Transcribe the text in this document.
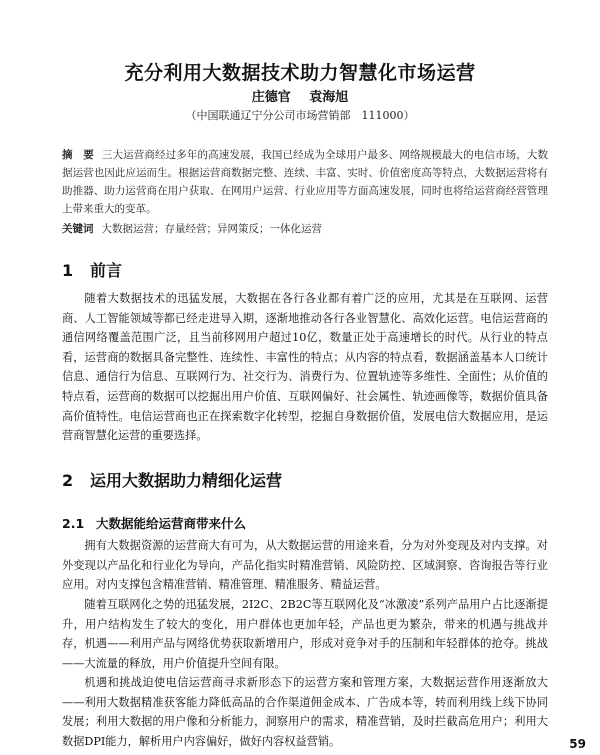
充分利用大数据技术助力智慧化市场运营
庄德官 袁海旭
（中国联通辽宁分公司市场营销部　111000）
摘　要 三大运营商经过多年的高速发展，我国已经成为全球用户最多、网络规模最大的电信市场，大数据运营也因此应运而生。根据运营商数据完整、连续、丰富、实时、价值密度高等特点，大数据运营将有助推器、助力运营商在用户获取、在网用户运营、行业应用等方面高速发展，同时也将给运营商经营管理上带来重大的变革。
关键词 大数据运营；存量经营；异网策反；一体化运营
1 前言

随着大数据技术的迅猛发展，大数据在各行各业都有着广泛的应用，尤其是在互联网、运营商、人工智能领域等都已经走进导入期，逐渐地推动各行各业智慧化、高效化运营。电信运营商的通信网络覆盖范围广泛，且当前移网用户超过10亿，数量正处于高速增长的时代。从行业的特点看，运营商的数据具备完整性、连续性、丰富性的特点；从内容的特点看，数据涵盖基本人口统计信息、通信行为信息、互联网行为、社交行为、消费行为、位置轨迹等多维性、全面性；从价值的特点看，运营商的数据可以挖掘出用户价值、互联网偏好、社会属性、轨迹画像等，数据价值具备高价值特性。电信运营商也正在探索数字化转型，挖掘自身数据价值，发展电信大数据应用，是运营商智慧化运营的重要选择。

2 运用大数据助力精细化运营
2.1 大数据能给运营商带来什么

拥有大数据资源的运营商大有可为，从大数据运营的用途来看，分为对外变现及对内支撑。对外变现以产品化和行业化为导向，产品化指实时精准营销、风险防控、区域洞察、咨询报告等行业应用。对内支撑包含精准营销、精准管理、精准服务、精益运营。

随着互联网化之势的迅猛发展，2I2C、2B2C等互联网化及“冰激凌”系列产品用户占比逐渐提升，用户结构发生了较大的变化，用户群体也更加年轻，产品也更为繁杂，带来的机遇与挑战并存，机遇——利用产品与网络优势获取新增用户，形成对竞争对手的压制和年轻群体的抢夺。挑战——大流量的释放，用户价值提升空间有限。

机遇和挑战迫使电信运营商寻求新形态下的运营方案和管理方案，大数据运营作用逐渐放大——利用大数据精准获客能力降低高品的合作渠道佣金成本、广告成本等，转而利用线上线下协同发展；利用大数据的用户像和分析能力，洞察用户的需求，精准营销，及时拦截高危用户；利用大数据DPI能力，解析用户内容偏好，做好内容权益营销。	59
